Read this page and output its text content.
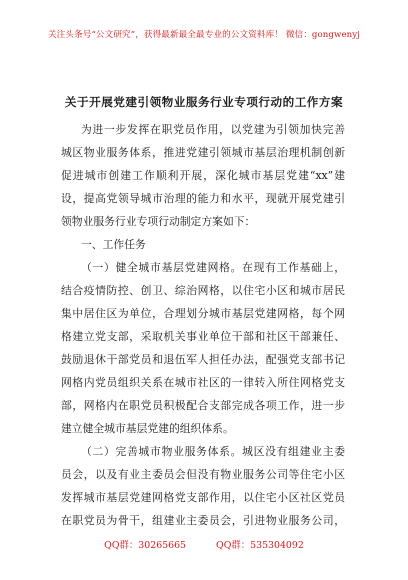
关注头条号“公文研究”，获得最新最全最专业的公文资料库！ 微信：gongwenyj
关于开展党建引领物业服务行业专项行动的工作方案
为进一步发挥在职党员作用，以党建为引领加快完善
城区物业服务体系，推进党建引领城市基层治理机制创新
促进城市创建工作顺利开展，深化城市基层党建“xx”建
设，提高党领导城市治理的能力和水平，现就开展党建引
领物业服务行业专项行动制定方案如下：
一、工作任务
（一）健全城市基层党建网格。在现有工作基础上，
结合疫情防控、创卫、综治网格，以住宅小区和城市居民
集中居住区为单位，合理划分城市基层党建网格，每个网
格建立党支部，采取机关事业单位干部和社区干部兼任、
鼓励退休干部党员和退伍军人担任办法，配强党支部书记
网格内党员组织关系在城市社区的一律转入所住网格党支
部，网格内在职党员积极配合支部完成各项工作，进一步
建立健全城市基层党建的组织体系。
（二）完善城市物业服务体系。城区没有组建业主委
员会，以及有业主委员会但没有物业服务公司等住宅小区
发挥城市基层党建网格党支部作用，以住宅小区社区党员
在职党员为骨干，组建业主委员会，引进物业服务公司，
QQ群：30265665	QQ群：535304092
